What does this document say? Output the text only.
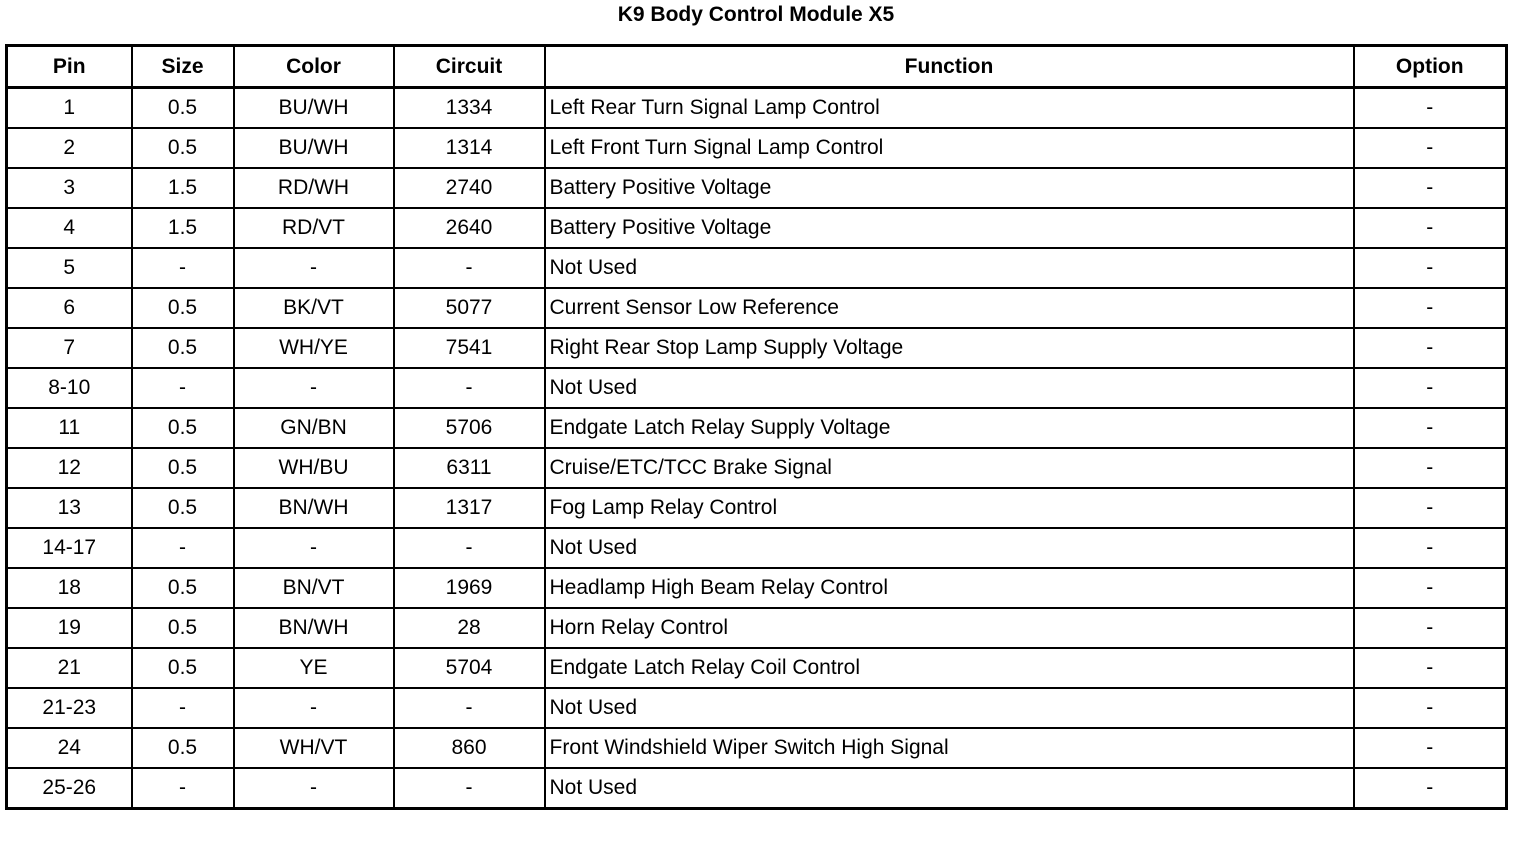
K9 Body Control Module X5
Pin	Size	Color	Circuit	Function	Option
1	0.5	BU/WH	1334	Left Rear Turn Signal Lamp Control	-
2	0.5	BU/WH	1314	Left Front Turn Signal Lamp Control	-
3	1.5	RD/WH	2740	Battery Positive Voltage	-
4	1.5	RD/VT	2640	Battery Positive Voltage	-
5	-	-	-	Not Used	-
6	0.5	BK/VT	5077	Current Sensor Low Reference	-
7	0.5	WH/YE	7541	Right Rear Stop Lamp Supply Voltage	-
8-10	-	-	-	Not Used	-
11	0.5	GN/BN	5706	Endgate Latch Relay Supply Voltage	-
12	0.5	WH/BU	6311	Cruise/ETC/TCC Brake Signal	-
13	0.5	BN/WH	1317	Fog Lamp Relay Control	-
14-17	-	-	-	Not Used	-
18	0.5	BN/VT	1969	Headlamp High Beam Relay Control	-
19	0.5	BN/WH	28	Horn Relay Control	-
21	0.5	YE	5704	Endgate Latch Relay Coil Control	-
21-23	-	-	-	Not Used	-
24	0.5	WH/VT	860	Front Windshield Wiper Switch High Signal	-
25-26	-	-	-	Not Used	-
